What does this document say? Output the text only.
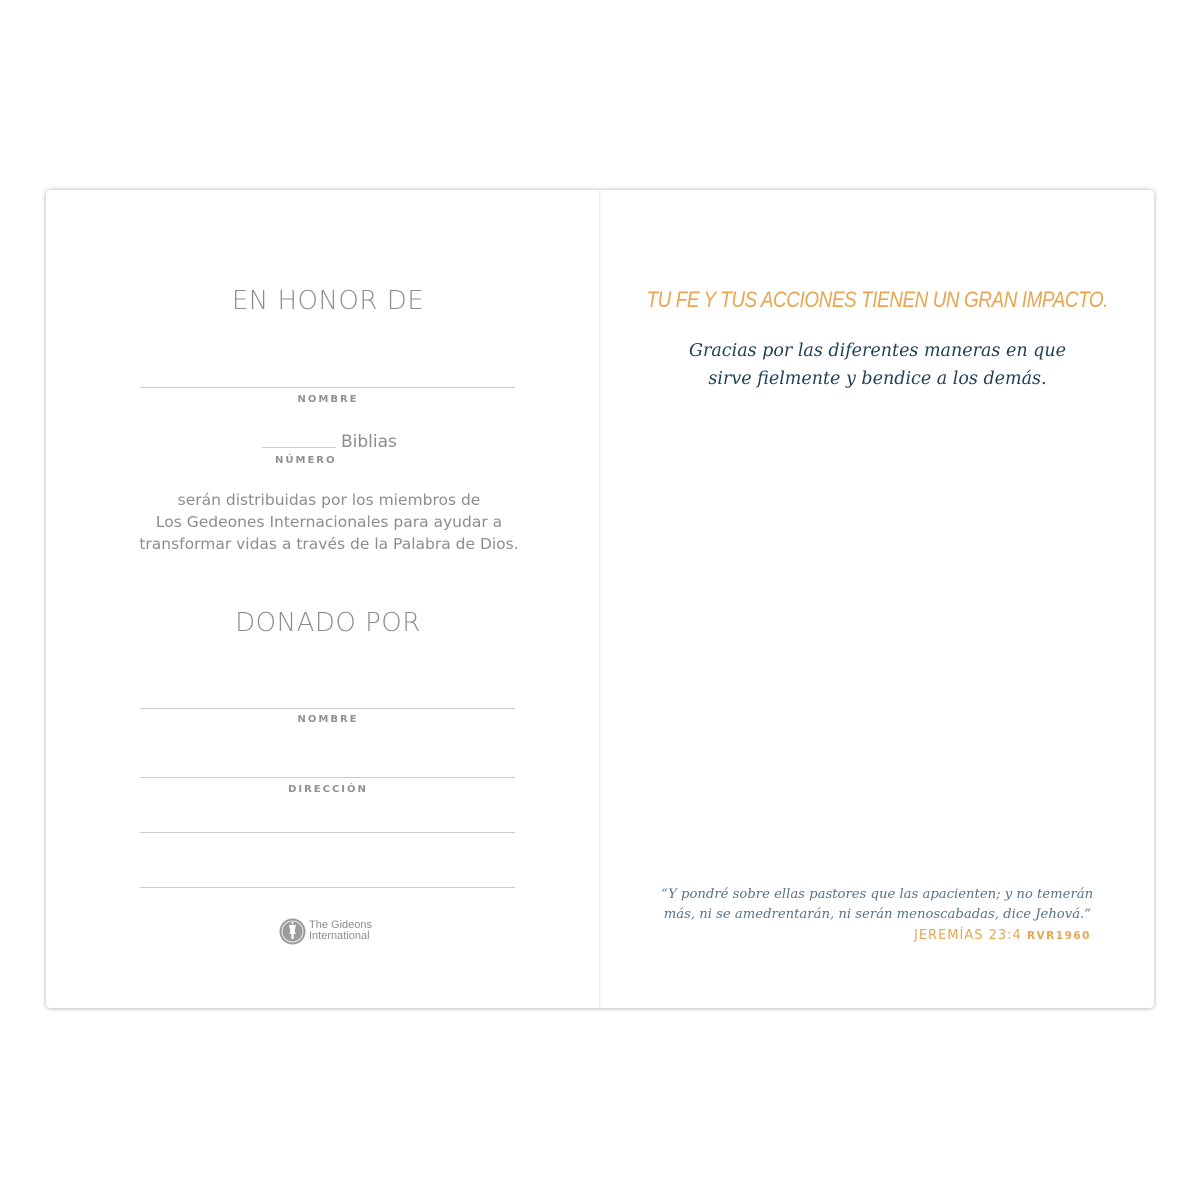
EN HONOR DE
NOMBRE
Biblias
NÚMERO
serán distribuidas por los miembros de
Los Gedeones Internacionales para ayudar a
transformar vidas a través de la Palabra de Dios.
DONADO POR
NOMBRE
DIRECCIÓN
The Gideons
International
TU FE Y TUS ACCIONES TIENEN UN GRAN IMPACTO.
Gracias por las diferentes maneras en que
sirve fielmente y bendice a los demás.
“Y pondré sobre ellas pastores que las apacienten; y no temerán
más, ni se amedrentarán, ni serán menoscabadas, dice Jehová.”
JEREMÍAS 23:4 RVR1960
